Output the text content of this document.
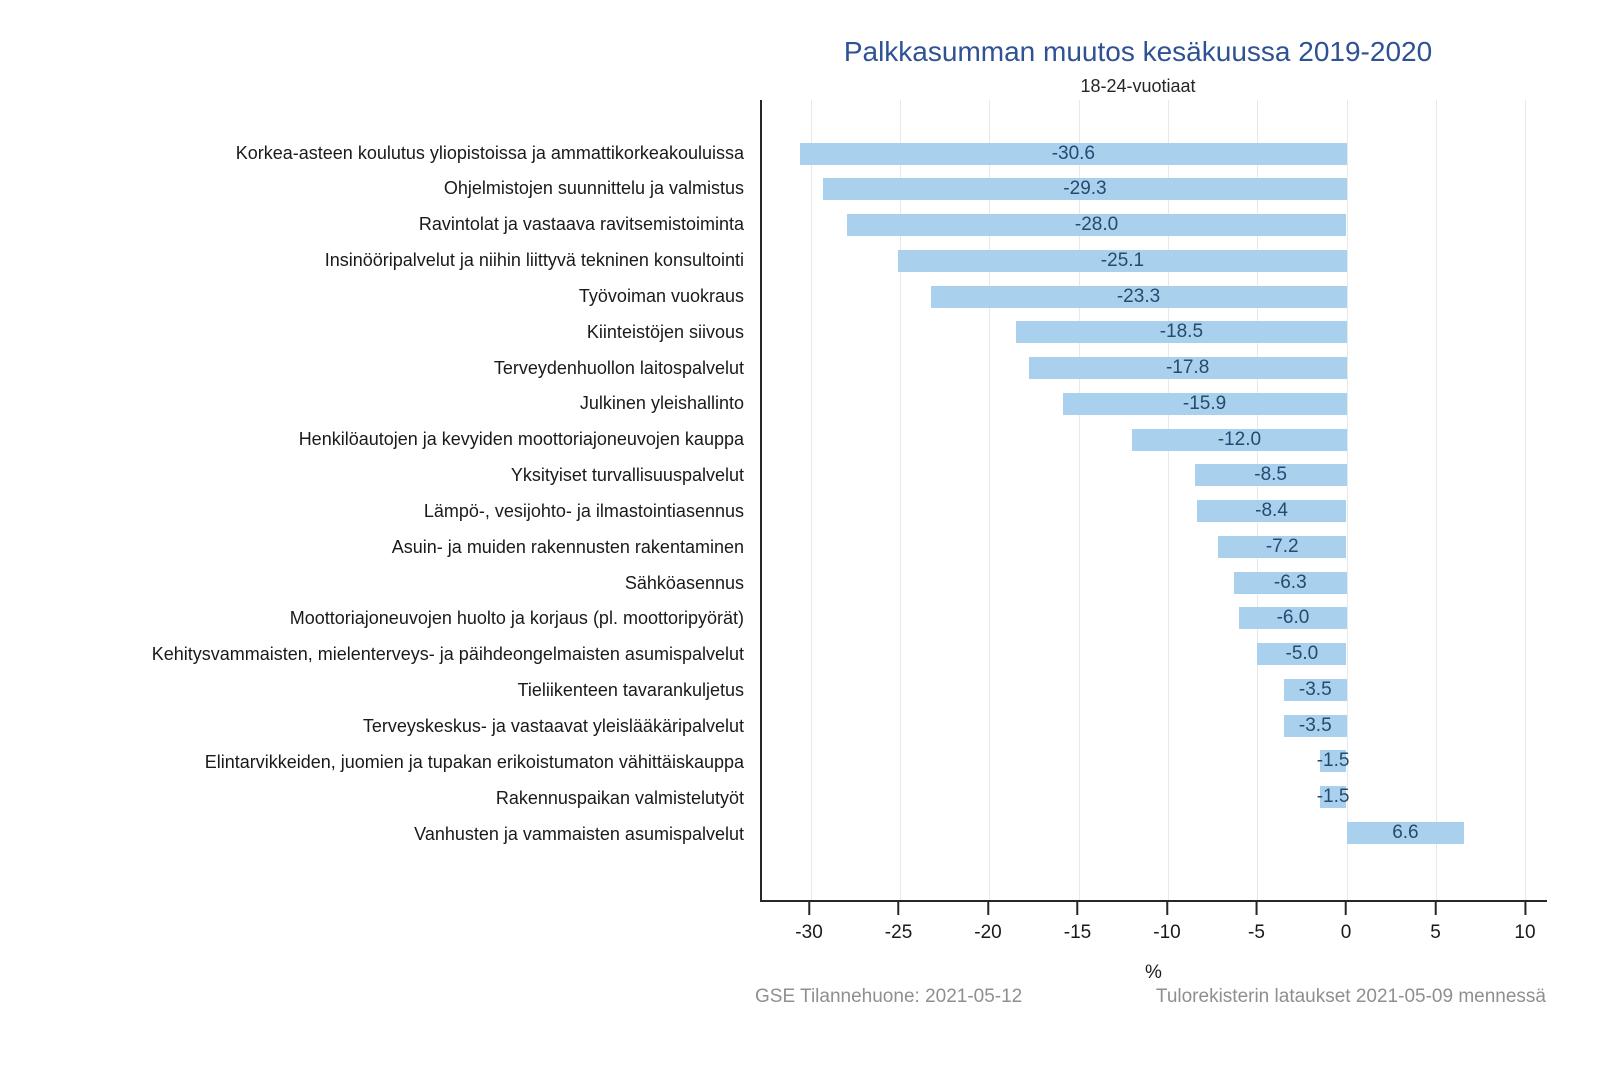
Palkkasumman muutos kesäkuussa 2019-2020
18-24-vuotiaat
Korkea-asteen koulutus yliopistoissa ja ammattikorkeakouluissa
Ohjelmistojen suunnittelu ja valmistus
Ravintolat ja vastaava ravitsemistoiminta
Insinööripalvelut ja niihin liittyvä tekninen konsultointi
Työvoiman vuokraus
Kiinteistöjen siivous
Terveydenhuollon laitospalvelut
Julkinen yleishallinto
Henkilöautojen ja kevyiden moottoriajoneuvojen kauppa
Yksityiset turvallisuuspalvelut
Lämpö-, vesijohto- ja ilmastointiasennus
Asuin- ja muiden rakennusten rakentaminen
Sähköasennus
Moottoriajoneuvojen huolto ja korjaus (pl. moottoripyörät)
Kehitysvammaisten, mielenterveys- ja päihdeongelmaisten asumispalvelut
Tieliikenteen tavarankuljetus
Terveyskeskus- ja vastaavat yleislääkäripalvelut
Elintarvikkeiden, juomien ja tupakan erikoistumaton vähittäiskauppa
Rakennuspaikan valmistelutyöt
Vanhusten ja vammaisten asumispalvelut
-30.6
-29.3
-28.0
-25.1
-23.3
-18.5
-17.8
-15.9
-12.0
-8.5
-8.4
-7.2
-6.3
-6.0
-5.0
-3.5
-3.5
-1.5
-1.5
6.6
-30	-25	-20	-15	-10	-5	0	5	10
%
GSE Tilannehuone: 2021-05-12	Tulorekisterin lataukset 2021-05-09 mennessä
